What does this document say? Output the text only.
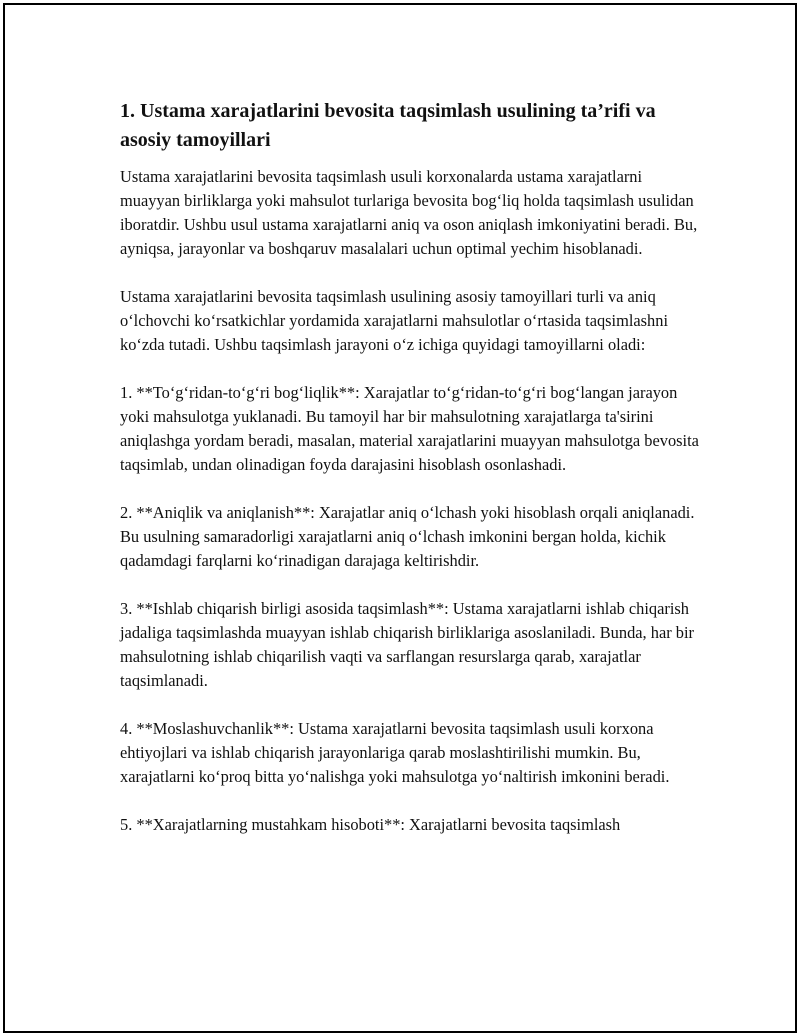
1. Ustama xarajatlarini bevosita taqsimlash usulining ta’rifi va asosiy tamoyillari

Ustama xarajatlarini bevosita taqsimlash usuli korxonalarda ustama xarajatlarni muayyan birliklarga yoki mahsulot turlariga bevosita bog‘liq holda taqsimlash usulidan iboratdir. Ushbu usul ustama xarajatlarni aniq va oson aniqlash imkoniyatini beradi. Bu, ayniqsa, jarayonlar va boshqaruv masalalari uchun optimal yechim hisoblanadi.

Ustama xarajatlarini bevosita taqsimlash usulining asosiy tamoyillari turli va aniq o‘lchovchi ko‘rsatkichlar yordamida xarajatlarni mahsulotlar o‘rtasida taqsimlashni ko‘zda tutadi. Ushbu taqsimlash jarayoni o‘z ichiga quyidagi tamoyillarni oladi:

1. **To‘g‘ridan-to‘g‘ri bog‘liqlik**: Xarajatlar to‘g‘ridan-to‘g‘ri bog‘langan jarayon yoki mahsulotga yuklanadi. Bu tamoyil har bir mahsulotning xarajatlarga ta'sirini aniqlashga yordam beradi, masalan, material xarajatlarini muayyan mahsulotga bevosita taqsimlab, undan olinadigan foyda darajasini hisoblash osonlashadi.

2. **Aniqlik va aniqlanish**: Xarajatlar aniq o‘lchash yoki hisoblash orqali aniqlanadi. Bu usulning samaradorligi xarajatlarni aniq o‘lchash imkonini bergan holda, kichik qadamdagi farqlarni ko‘rinadigan darajaga keltirishdir.

3. **Ishlab chiqarish birligi asosida taqsimlash**: Ustama xarajatlarni ishlab chiqarish jadaliga taqsimlashda muayyan ishlab chiqarish birliklariga asoslaniladi. Bunda, har bir mahsulotning ishlab chiqarilish vaqti va sarflangan resurslarga qarab, xarajatlar taqsimlanadi.

4. **Moslashuvchanlik**: Ustama xarajatlarni bevosita taqsimlash usuli korxona ehtiyojlari va ishlab chiqarish jarayonlariga qarab moslashtirilishi mumkin. Bu, xarajatlarni ko‘proq bitta yo‘nalishga yoki mahsulotga yo‘naltirish imkonini beradi.

5. **Xarajatlarning mustahkam hisoboti**: Xarajatlarni bevosita taqsimlash
